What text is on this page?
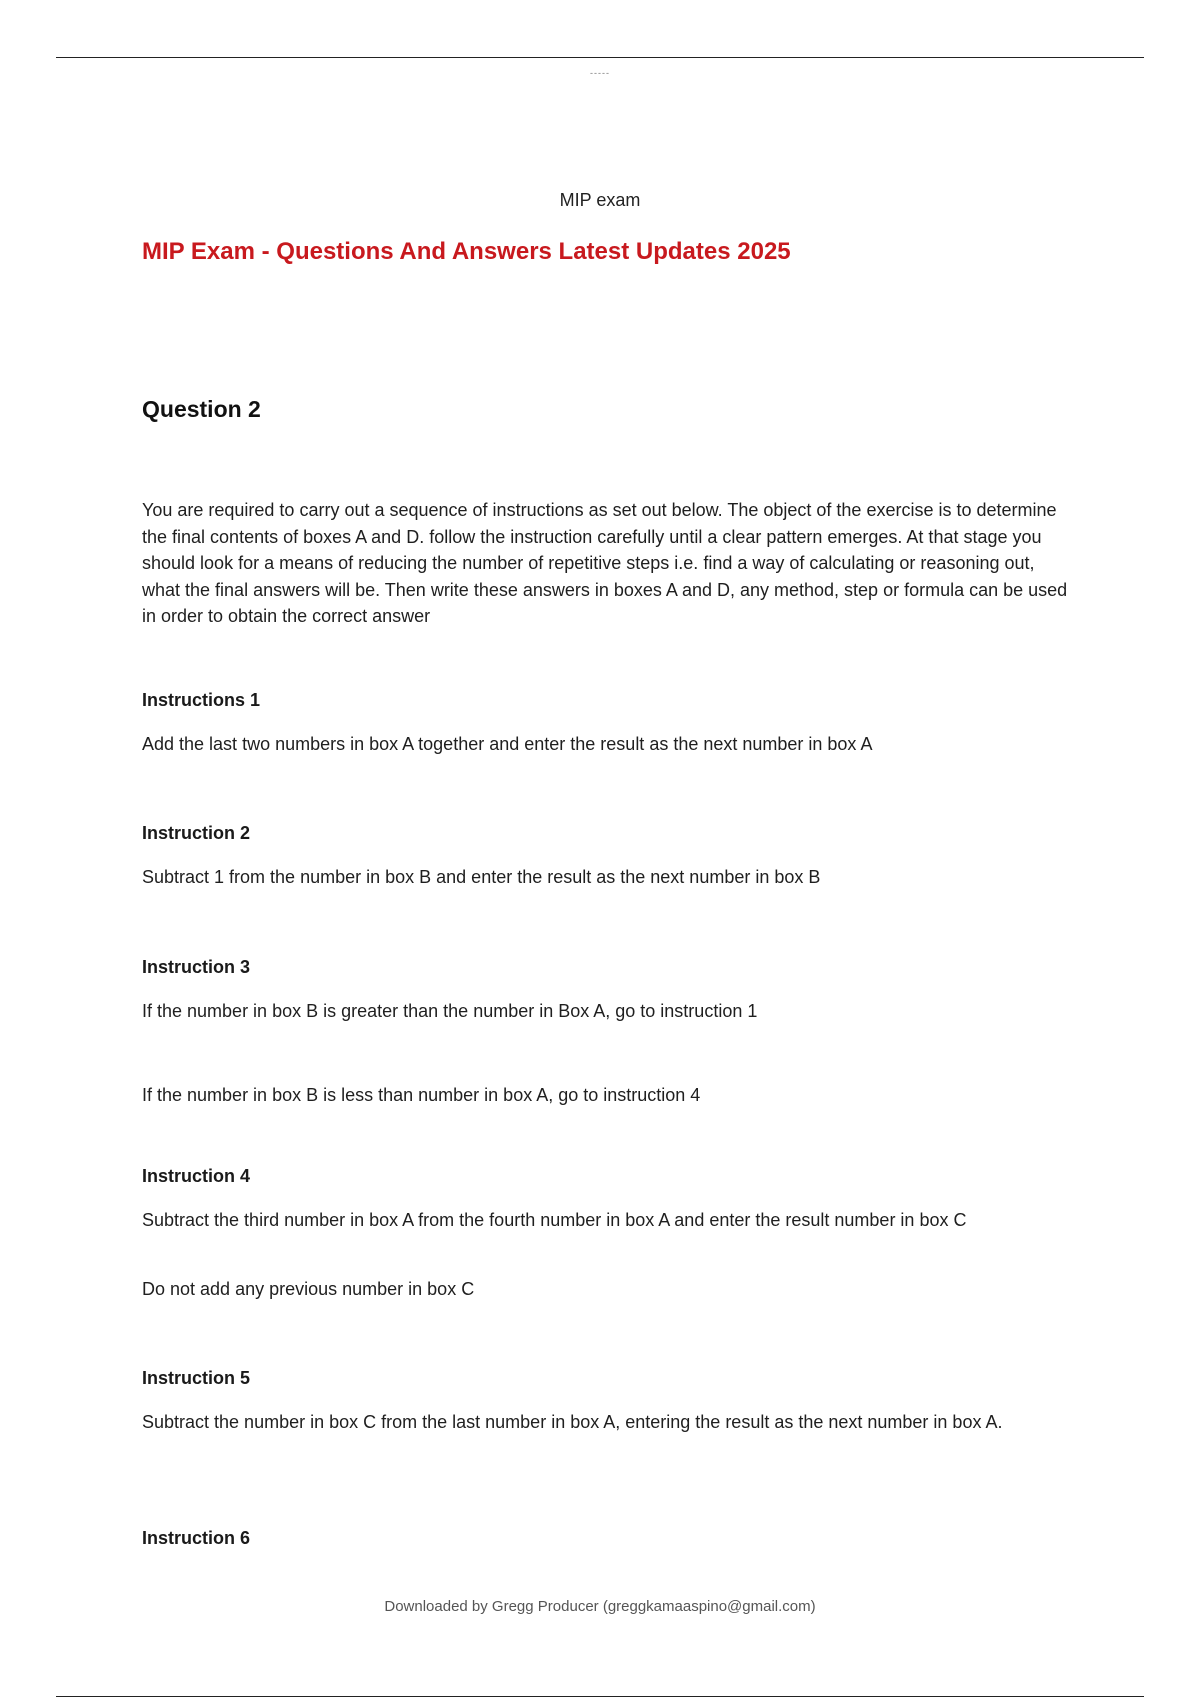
-----
MIP exam
MIP Exam - Questions And Answers Latest Updates 2025
Question 2
You are required to carry out a sequence of instructions as set out below. The object of the exercise is to determine the final contents of boxes A and D. follow the instruction carefully until a clear pattern emerges. At that stage you should look for a means of reducing the number of repetitive steps i.e. find a way of calculating or reasoning out, what the final answers will be. Then write these answers in boxes A and D, any method, step or formula can be used in order to obtain the correct answer
Instructions 1
Add the last two numbers in box A together and enter the result as the next number in box A
Instruction 2
Subtract 1 from the number in box B and enter the result as the next number in box B
Instruction 3
If the number in box B is greater than the number in Box A, go to instruction 1
If the number in box B is less than number in box A, go to instruction 4
Instruction 4
Subtract the third number in box A from the fourth number in box A and enter the result number in box C
Do not add any previous number in box C
Instruction 5
Subtract the number in box C from the last number in box A, entering the result as the next number in box A.
Instruction 6
Downloaded by Gregg Producer (greggkamaaspino@gmail.com)
